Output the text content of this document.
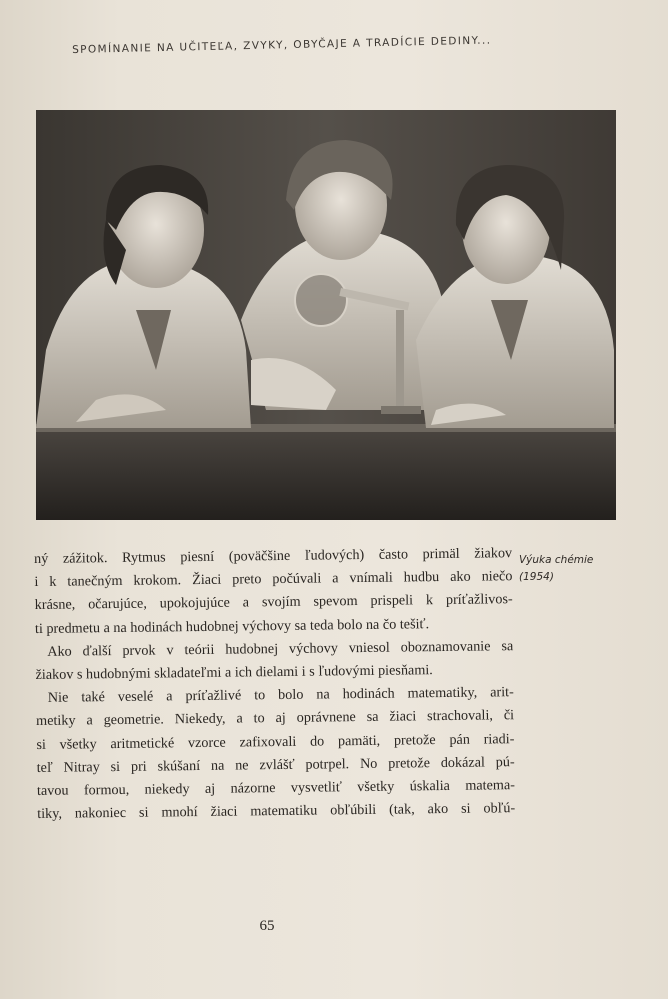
SPOMÍNANIE NA UČITEĽA, ZVYKY, OBYČAJE A TRADÍCIE DEDINY...
Výuka chémie
(1954)
ný zážitok. Rytmus piesní (poväčšine ľudových) často primäl žiakov
i k tanečným krokom. Žiaci preto počúvali a vnímali hudbu ako niečo
krásne, očarujúce, upokojujúce a svojím spevom prispeli k príťažlivos-
ti predmetu a na hodinách hudobnej výchovy sa teda bolo na čo tešiť.
Ako ďalší prvok v teórii hudobnej výchovy vniesol oboznamovanie sa
žiakov s hudobnými skladateľmi a ich dielami i s ľudovými piesňami.
Nie také veselé a príťažlivé to bolo na hodinách matematiky, arit-
metiky a geometrie. Niekedy, a to aj oprávnene sa žiaci strachovali, či
si všetky aritmetické vzorce zafixovali do pamäti, pretože pán riadi-
teľ Nitray si pri skúšaní na ne zvlášť potrpel. No pretože dokázal pú-
tavou formou, niekedy aj názorne vysvetliť všetky úskalia matema-
tiky, nakoniec si mnohí žiaci matematiku obľúbili (tak, ako si obľú-
65
